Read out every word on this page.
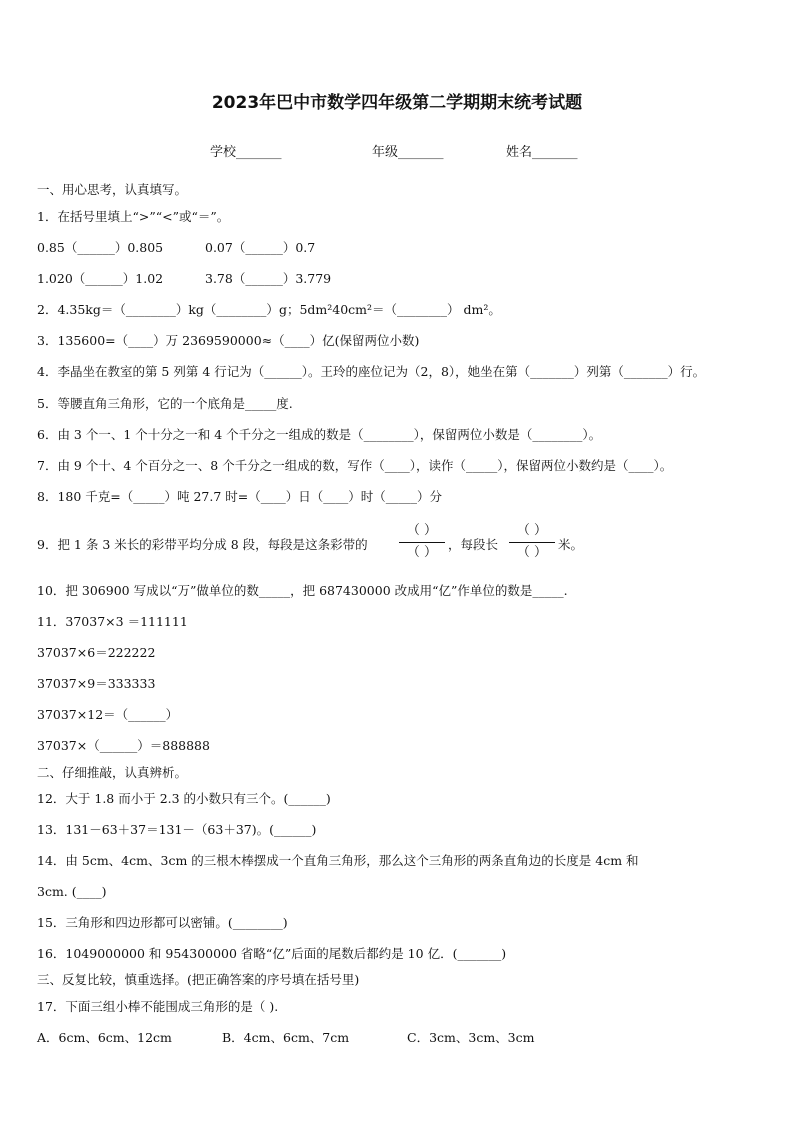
2023年巴中市数学四年级第二学期期末统考试题
学校_______	年级_______	姓名_______
一、用心思考，认真填写。
1．在括号里填上“>”“<”或“＝”。
0.85（______）0.805	0.07（______）0.7
1.020（______）1.02	3.78（______）3.779
2．4.35kg＝（________）kg（________）g；5dm²40cm²＝（________） dm²。
3．135600=（____）万 2369590000≈（____）亿(保留两位小数)
4．李晶坐在教室的第 5 列第 4 行记为（______）。王玲的座位记为（2，8），她坐在第（_______）列第（_______）行。
5．等腰直角三角形，它的一个底角是_____度.
6．由 3 个一、1 个十分之一和 4 个千分之一组成的数是（________），保留两位小数是（________）。
7．由 9 个十、4 个百分之一、8 个千分之一组成的数，写作（____），读作（_____），保留两位小数约是（____）。
8．180 千克=（_____）吨 27.7 时=（____）日（____）时（_____）分
9．把 1 条 3 米长的彩带平均分成 8 段，每段是这条彩带的
（ ）
（ ）
，每段长
（ ）
（ ）
米。
10．把 306900 写成以“万”做单位的数_____，把 687430000 改成用“亿”作单位的数是_____.
11．37037×3 ＝111111
37037×6＝222222
37037×9＝333333
37037×12＝（______）
37037×（______）＝888888
二、仔细推敲，认真辨析。
12．大于 1.8 而小于 2.3 的小数只有三个。(______)
13．131－63＋37＝131－（63＋37)。(______)
14．由 5cm、4cm、3cm 的三根木棒摆成一个直角三角形，那么这个三角形的两条直角边的长度是 4cm 和
3cm. (____)
15．三角形和四边形都可以密铺。(________)
16．1049000000 和 954300000 省略“亿”后面的尾数后都约是 10 亿．(_______)
三、反复比较，慎重选择。(把正确答案的序号填在括号里)
17．下面三组小棒不能围成三角形的是（ ).
A．6cm、6cm、12cm	B．4cm、6cm、7cm	C．3cm、3cm、3cm
